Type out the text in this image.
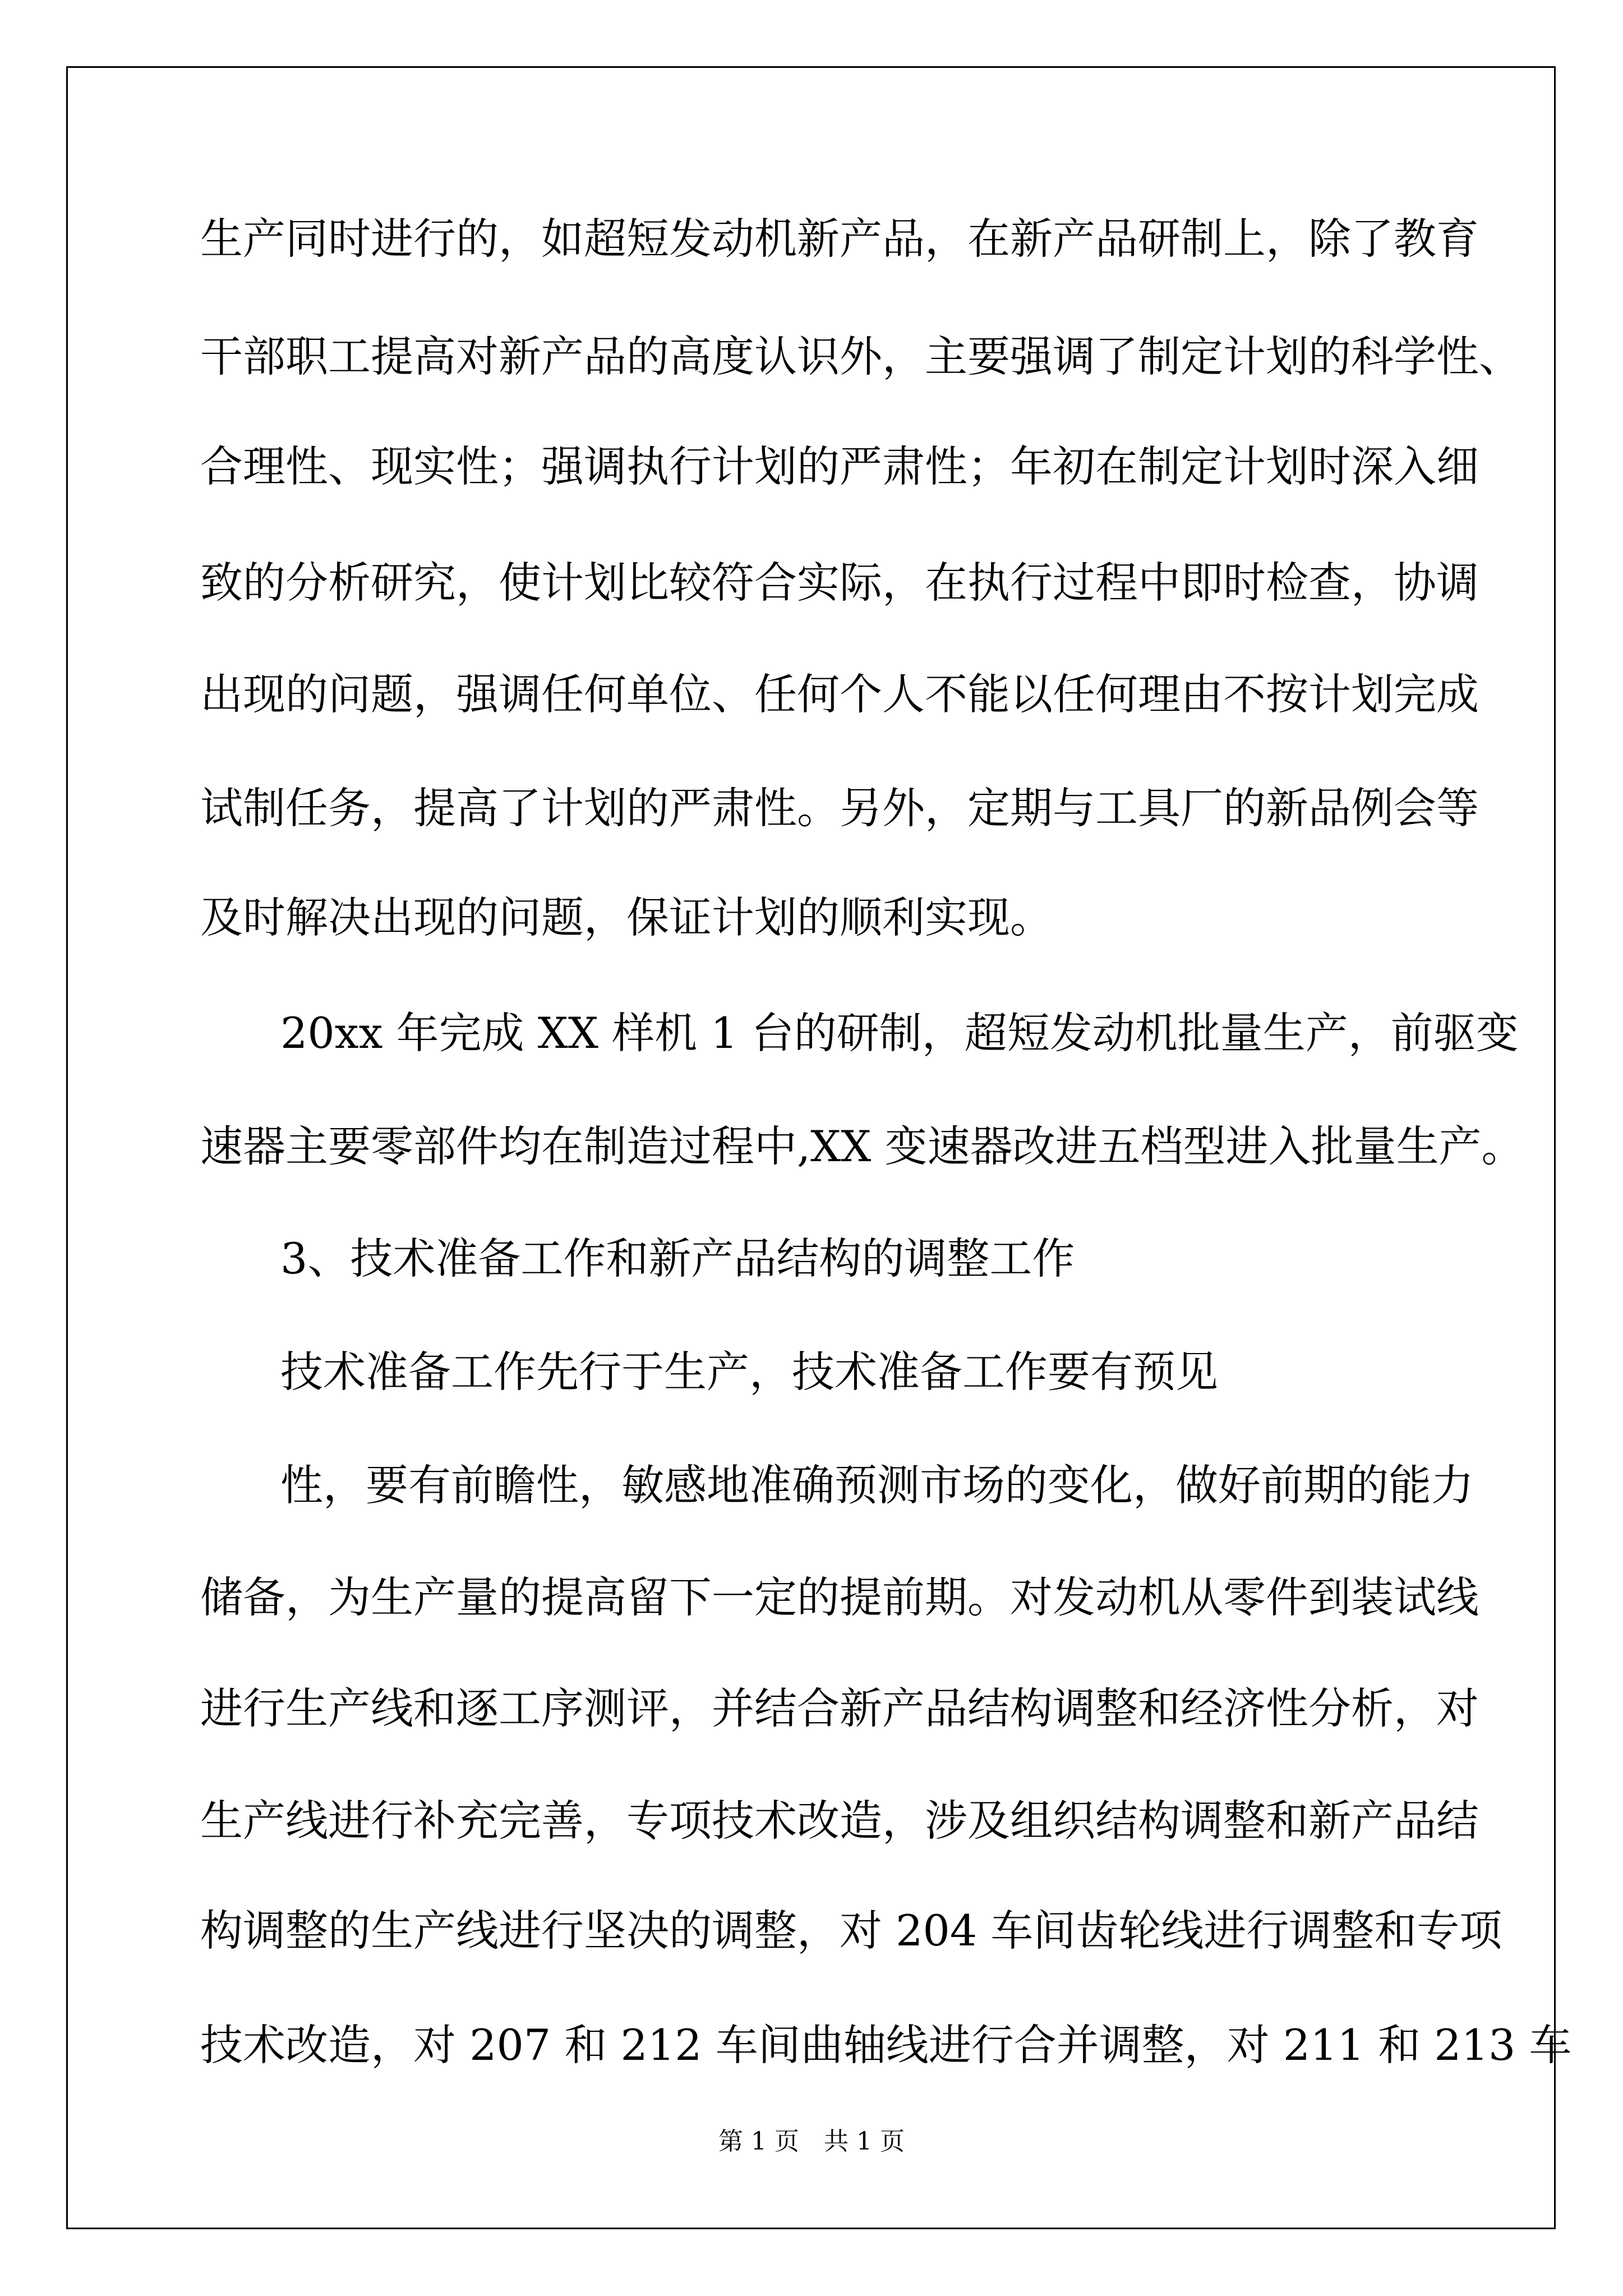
生产同时进行的，如超短发动机新产品，在新产品研制上，除了教育

干部职工提高对新产品的高度认识外，主要强调了制定计划的科学性、

合理性、现实性；强调执行计划的严肃性；年初在制定计划时深入细

致的分析研究，使计划比较符合实际，在执行过程中即时检查，协调

出现的问题，强调任何单位、任何个人不能以任何理由不按计划完成

试制任务，提高了计划的严肃性。另外，定期与工具厂的新品例会等

及时解决出现的问题，保证计划的顺利实现。

20xx 年完成 XX 样机 1 台的研制，超短发动机批量生产，前驱变

速器主要零部件均在制造过程中,XX 变速器改进五档型进入批量生产。

3、技术准备工作和新产品结构的调整工作

技术准备工作先行于生产，技术准备工作要有预见

性，要有前瞻性，敏感地准确预测市场的变化，做好前期的能力

储备，为生产量的提高留下一定的提前期。对发动机从零件到装试线

进行生产线和逐工序测评，并结合新产品结构调整和经济性分析，对

生产线进行补充完善，专项技术改造，涉及组织结构调整和新产品结

构调整的生产线进行坚决的调整，对 204 车间齿轮线进行调整和专项

技术改造，对 207 和 212 车间曲轴线进行合并调整，对 211 和 213 车

第 1 页　共 1 页
